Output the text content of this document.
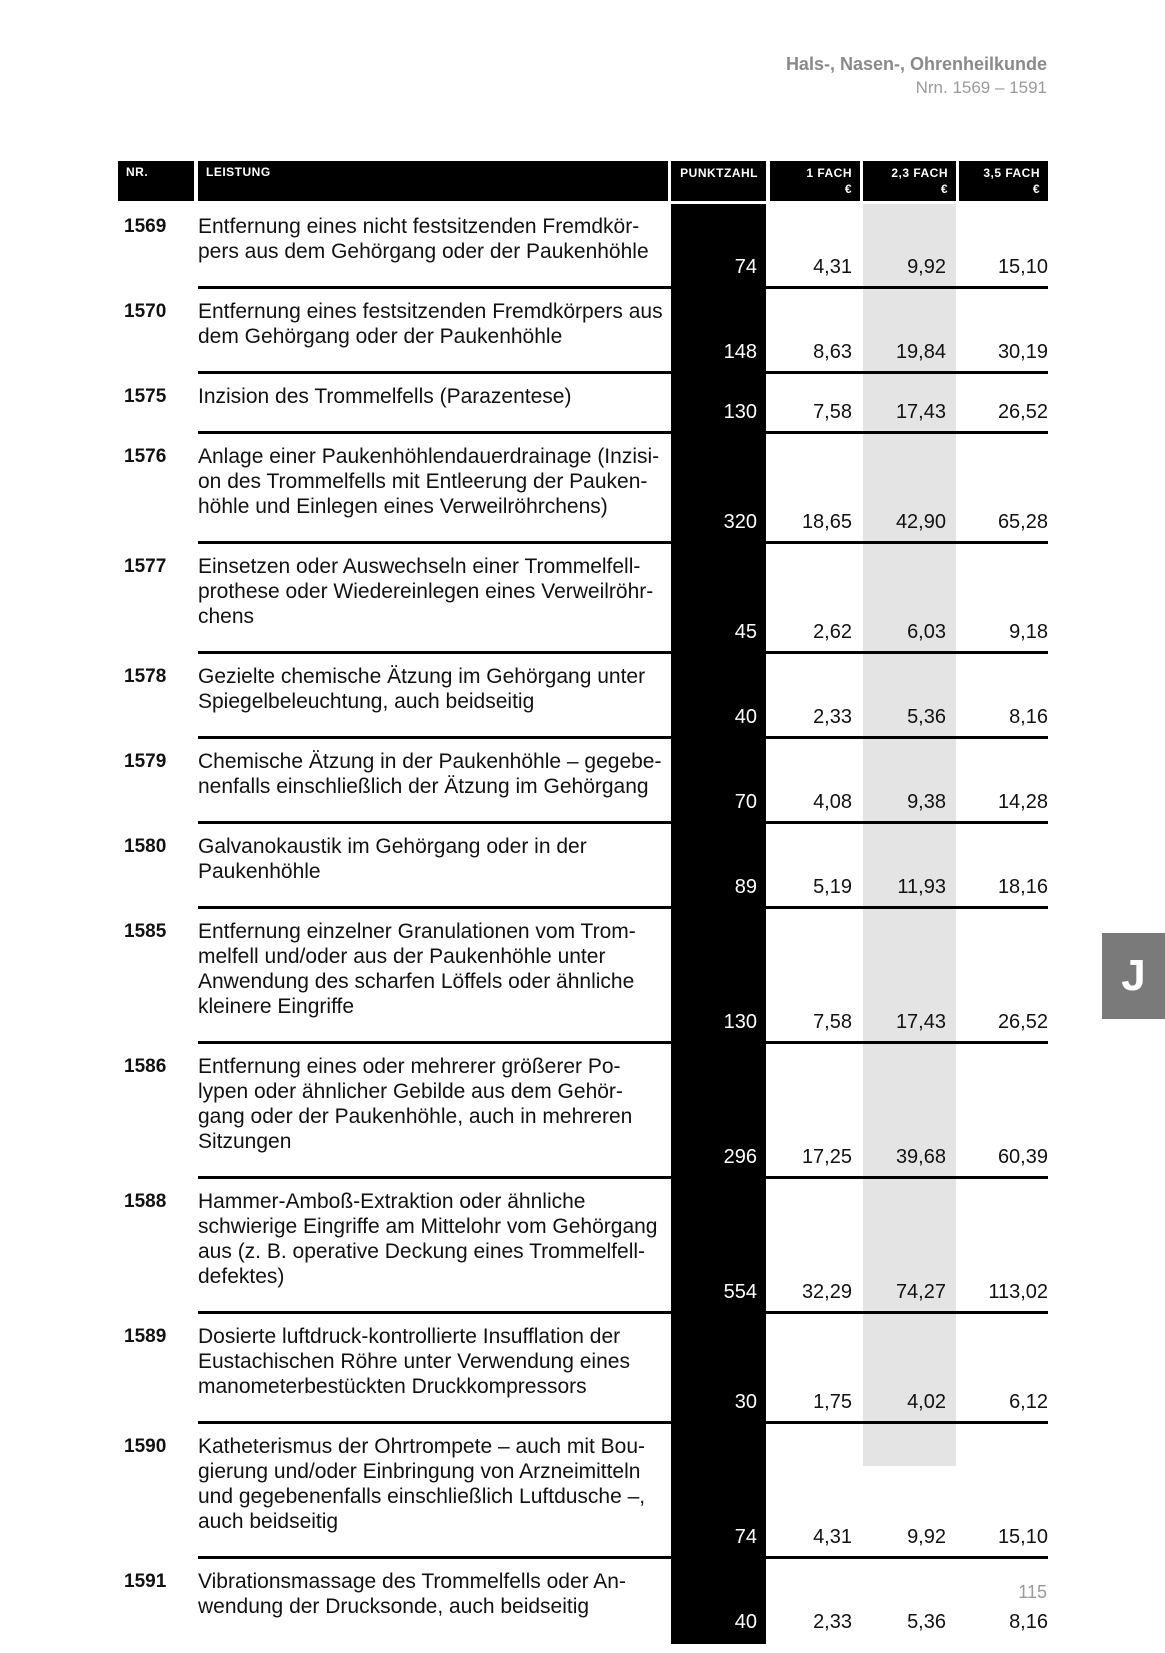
Hals-, Nasen-, Ohrenheilkunde
Nrn. 1569 – 1591
NR.	LEISTUNG	PUNKTZAHL	1 FACH
€
2,3 FACH
€
3,5 FACH
€
1569 Entfernung eines nicht festsitzenden Fremdkör-
pers aus dem Gehörgang oder der Paukenhöhle
74	4,31	9,92	15,10
1570 Entfernung eines festsitzenden Fremdkörpers aus
dem Gehörgang oder der Paukenhöhle
148	8,63	19,84	30,19
1575 Inzision des Trommelfells (Parazentese)
130	7,58	17,43	26,52
1576 Anlage einer Paukenhöhlendauerdrainage (Inzisi-
on des Trommelfells mit Entleerung der Pauken-
höhle und Einlegen eines Verweilröhrchens)
320	18,65	42,90	65,28
1577 Einsetzen oder Auswechseln einer Trommelfell-
prothese oder Wiedereinlegen eines Verweilröhr-
chens
45	2,62	6,03	9,18
1578 Gezielte chemische Ätzung im Gehörgang unter
Spiegelbeleuchtung, auch beidseitig
40	2,33	5,36	8,16
1579 Chemische Ätzung in der Paukenhöhle – gegebe-
nenfalls einschließlich der Ätzung im Gehörgang
70	4,08	9,38	14,28
1580 Galvanokaustik im Gehörgang oder in der
Paukenhöhle
89	5,19	11,93	18,16
1585 Entfernung einzelner Granulationen vom Trom-
melfell und/oder aus der Paukenhöhle unter
Anwendung des scharfen Löffels oder ähnliche
kleinere Eingriffe
130	7,58	17,43	26,52
1586 Entfernung eines oder mehrerer größerer Po-
lypen oder ähnlicher Gebilde aus dem Gehör-
gang oder der Paukenhöhle, auch in mehreren
Sitzungen
296	17,25	39,68	60,39
1588 Hammer-Amboß-Extraktion oder ähnliche
schwierige Eingriffe am Mittelohr vom Gehörgang
aus (z. B. operative Deckung eines Trommelfell-
defektes)
554	32,29	74,27	113,02
1589 Dosierte luftdruck-kontrollierte Insufflation der
Eustachischen Röhre unter Verwendung eines
manometerbestückten Druckkompressors
30	1,75	4,02	6,12
1590 Katheterismus der Ohrtrompete – auch mit Bou-
gierung und/oder Einbringung von Arzneimitteln
und gegebenenfalls einschließlich Luftdusche –,
auch beidseitig
74	4,31	9,92	15,10
1591 Vibrationsmassage des Trommelfells oder An-
wendung der Drucksonde, auch beidseitig
40	2,33	5,36	8,16
J
115
